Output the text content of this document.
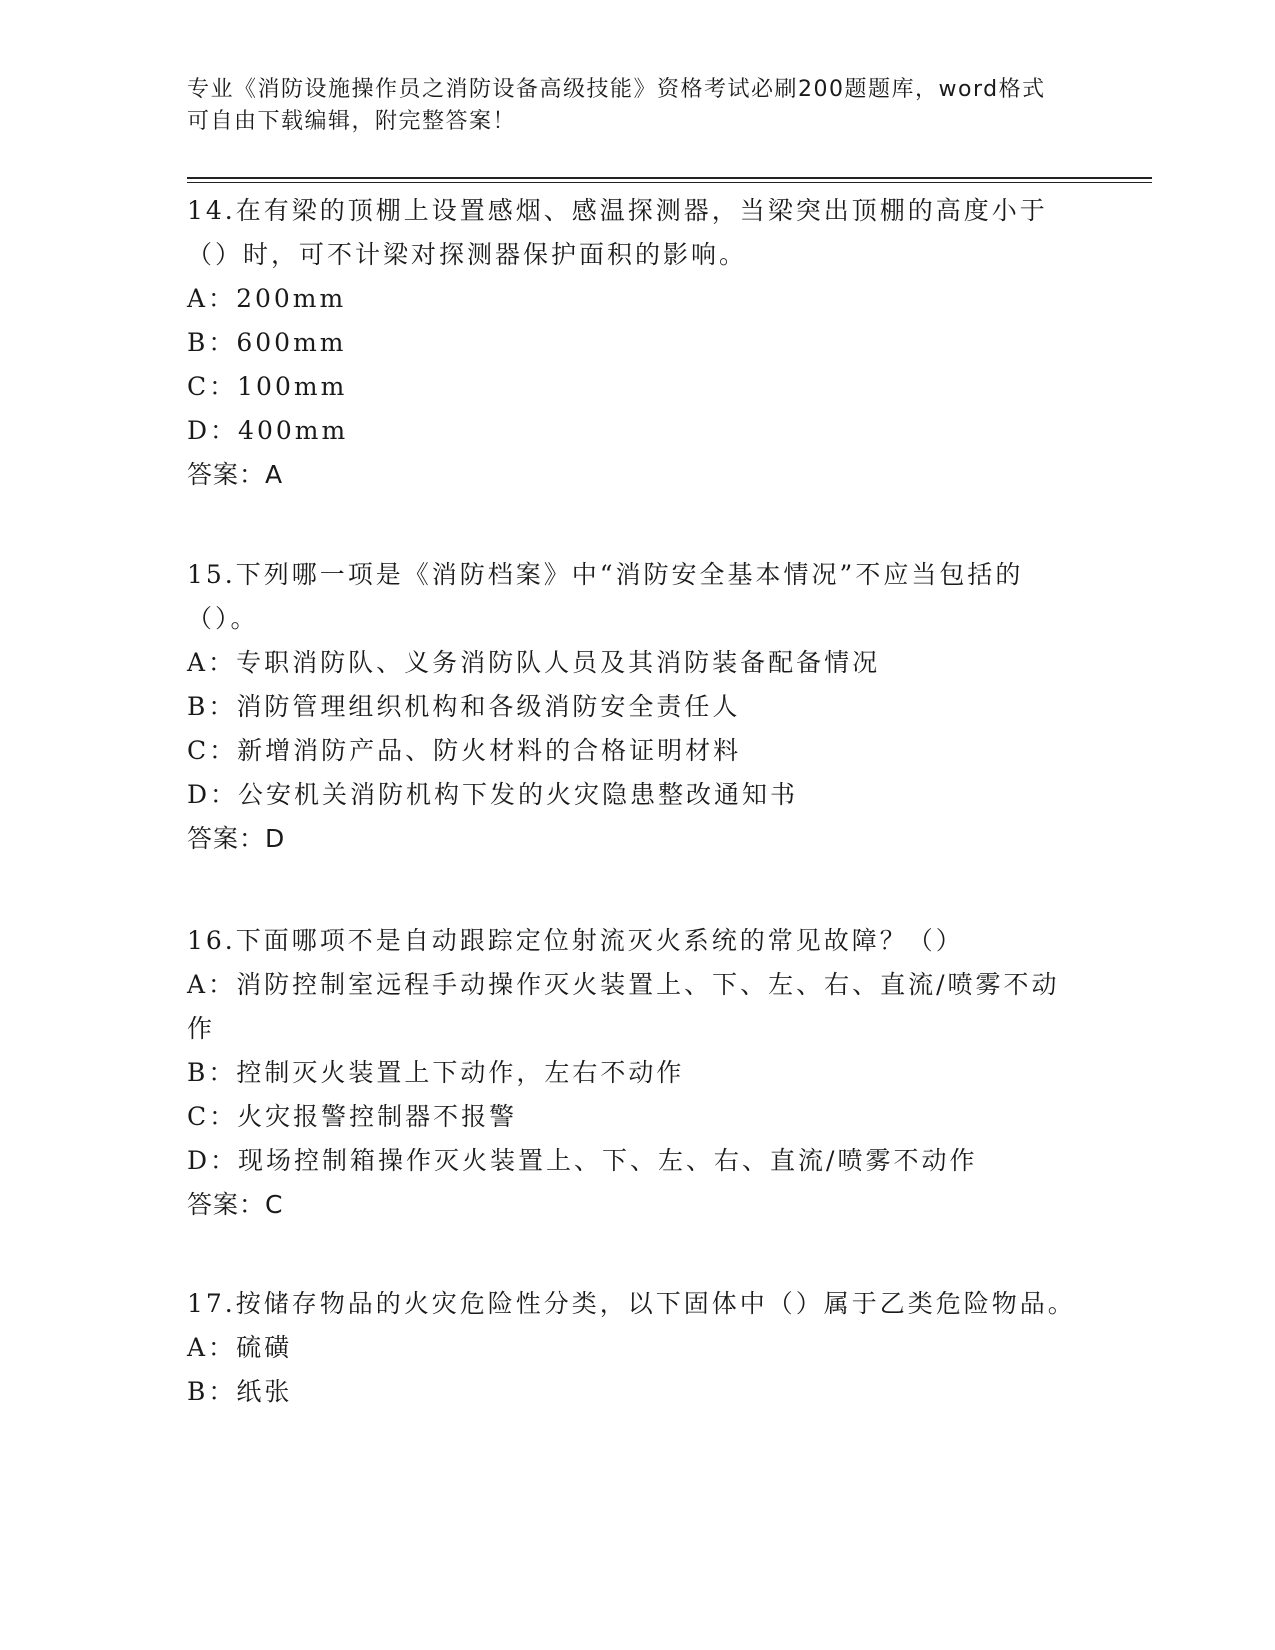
专业《消防设施操作员之消防设备高级技能》资格考试必刷200题题库，word格式可自由下载编辑，附完整答案！

14.在有梁的顶棚上设置感烟、感温探测器，当梁突出顶棚的高度小于（）时，可不计梁对探测器保护面积的影响。

A：200mm

B：600mm

C：100mm

D：400mm

答案：A

15.下列哪一项是《消防档案》中“消防安全基本情况”不应当包括的（）。

A：专职消防队、义务消防队人员及其消防装备配备情况

B：消防管理组织机构和各级消防安全责任人

C：新增消防产品、防火材料的合格证明材料

D：公安机关消防机构下发的火灾隐患整改通知书

答案：D

16.下面哪项不是自动跟踪定位射流灭火系统的常见故障？（）

A：消防控制室远程手动操作灭火装置上、下、左、右、直流/喷雾不动作

B：控制灭火装置上下动作，左右不动作

C：火灾报警控制器不报警

D：现场控制箱操作灭火装置上、下、左、右、直流/喷雾不动作

答案：C

17.按储存物品的火灾危险性分类，以下固体中（）属于乙类危险物品。

A：硫磺

B：纸张
